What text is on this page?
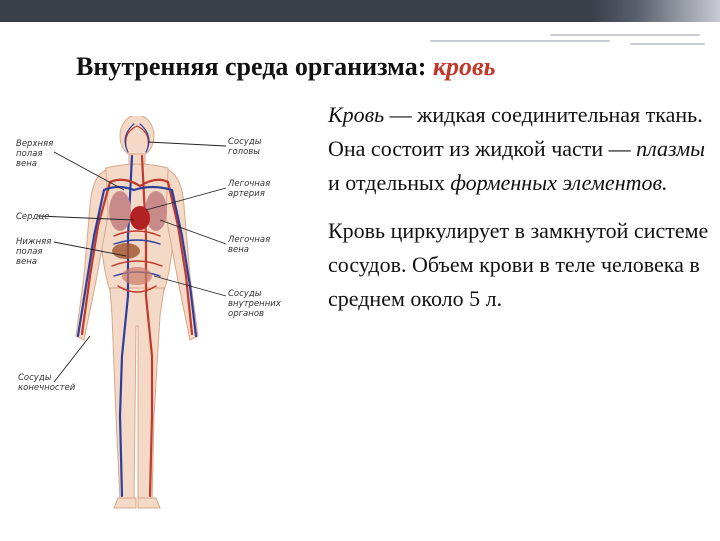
Внутренняя среда организма: кровь
Верхняя
полая
вена
Сердце
Нижняя
полая
вена
Сосуды
конечностей
Сосуды
головы
Легочная
артерия
Легочная
вена
Сосуды
внутренних
органов

Кровь — жидкая соединительная ткань. Она состоит из жидкой части — плазмы и отдельных форменных элементов.

Кровь циркулирует в замкнутой системе сосудов. Объем крови в теле человека в среднем около 5 л.
